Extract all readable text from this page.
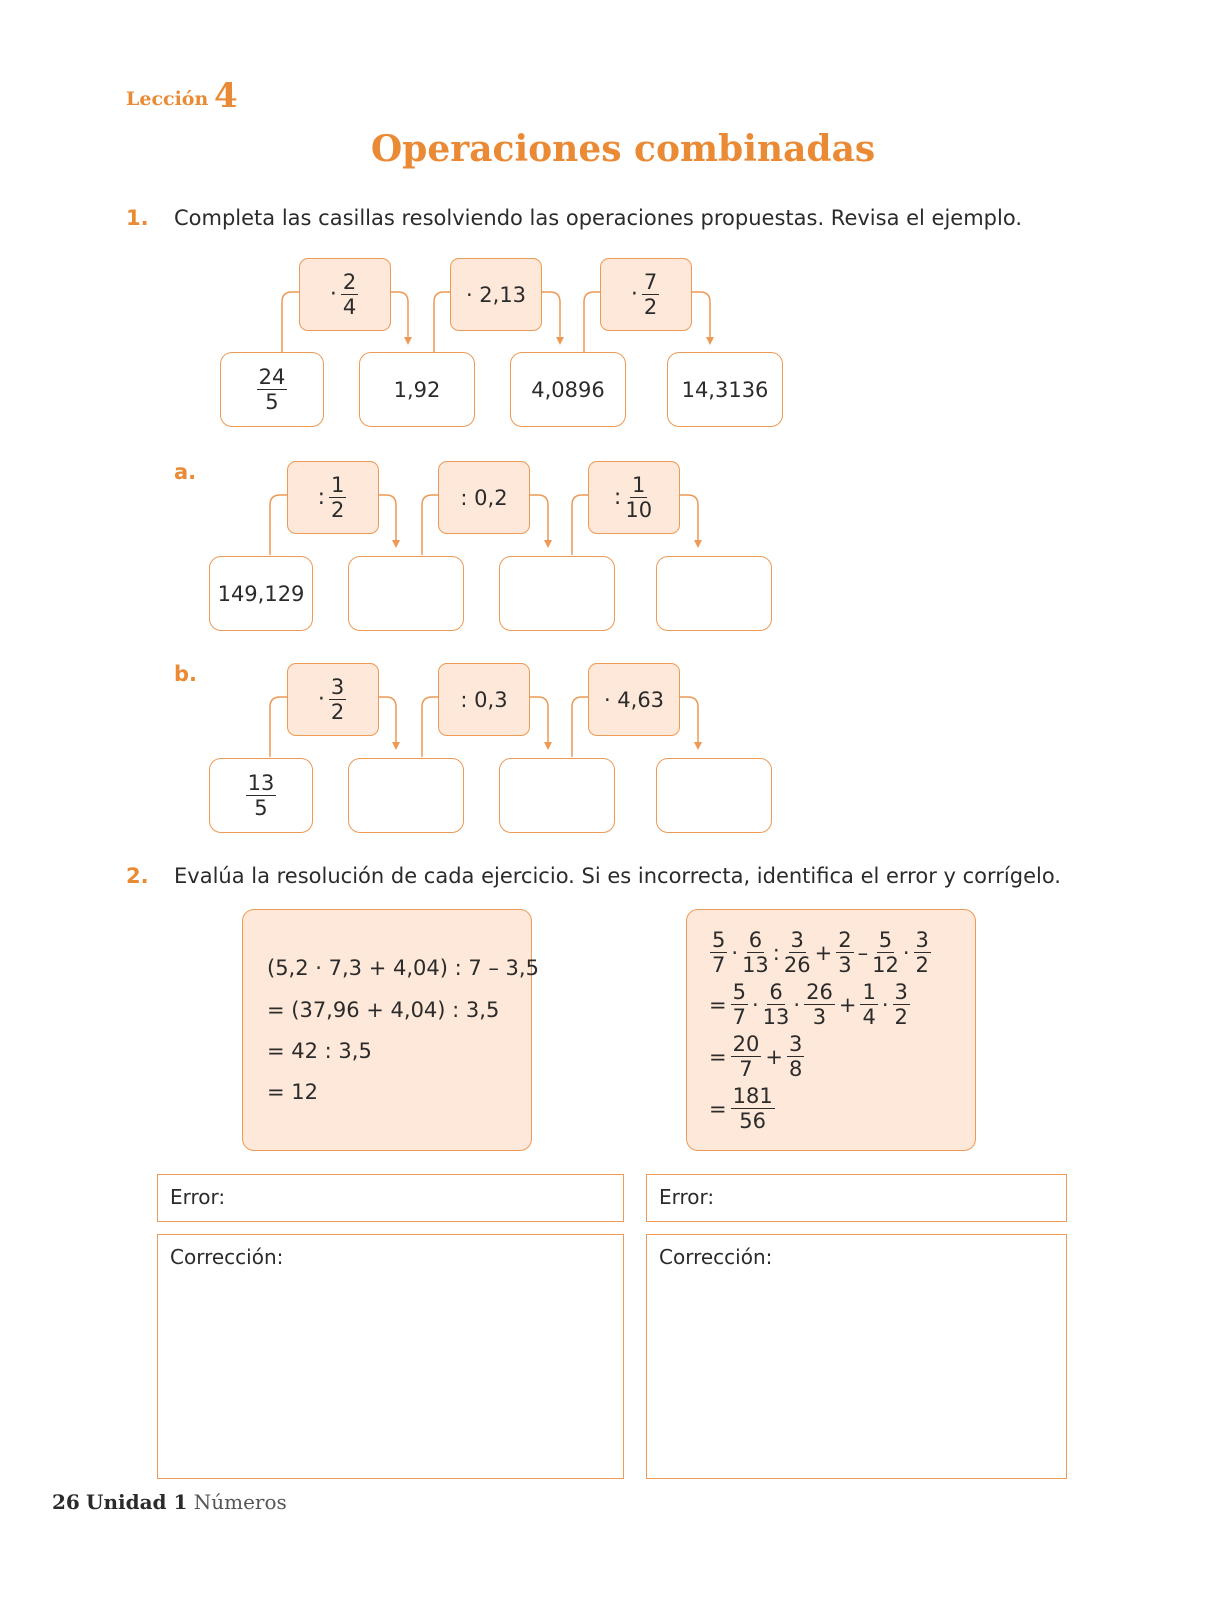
Lección 4
Operaciones combinadas
1. Completa las casillas resolviendo las operaciones propuestas. Revisa el ejemplo.
· $\frac{2}{4}$	· 2,13	· $\frac{7}{2}$
$\frac{24}{5}$	1,92	4,0896	14,3136
a.
: $\frac{1}{2}$	: 0,2	: $\frac{1}{10}$
149,129
b.
· $\frac{3}{2}$	: 0,3	· 4,63
$\frac{13}{5}$
2. Evalúa la resolución de cada ejercicio. Si es incorrecta, identifica el error y corrígelo.
(5,2 · 7,3 + 4,04) : 7 – 3,5
= (37,96 + 4,04) : 3,5
= 42 : 3,5
= 12
$\frac{5}{7} \cdot \frac{6}{13}$ : $\frac{3}{26} + \frac{2}{3} - \frac{5}{12} \cdot \frac{3}{2}$
= $\frac{5}{7} \cdot \frac{6}{13} \cdot \frac{26}{3} + \frac{1}{4} \cdot \frac{3}{2}$
= $\frac{20}{7} + \frac{3}{8}$
= $\frac{181}{56}$
Error:
Corrección:
Error:
Corrección:
26 Unidad 1 Números
